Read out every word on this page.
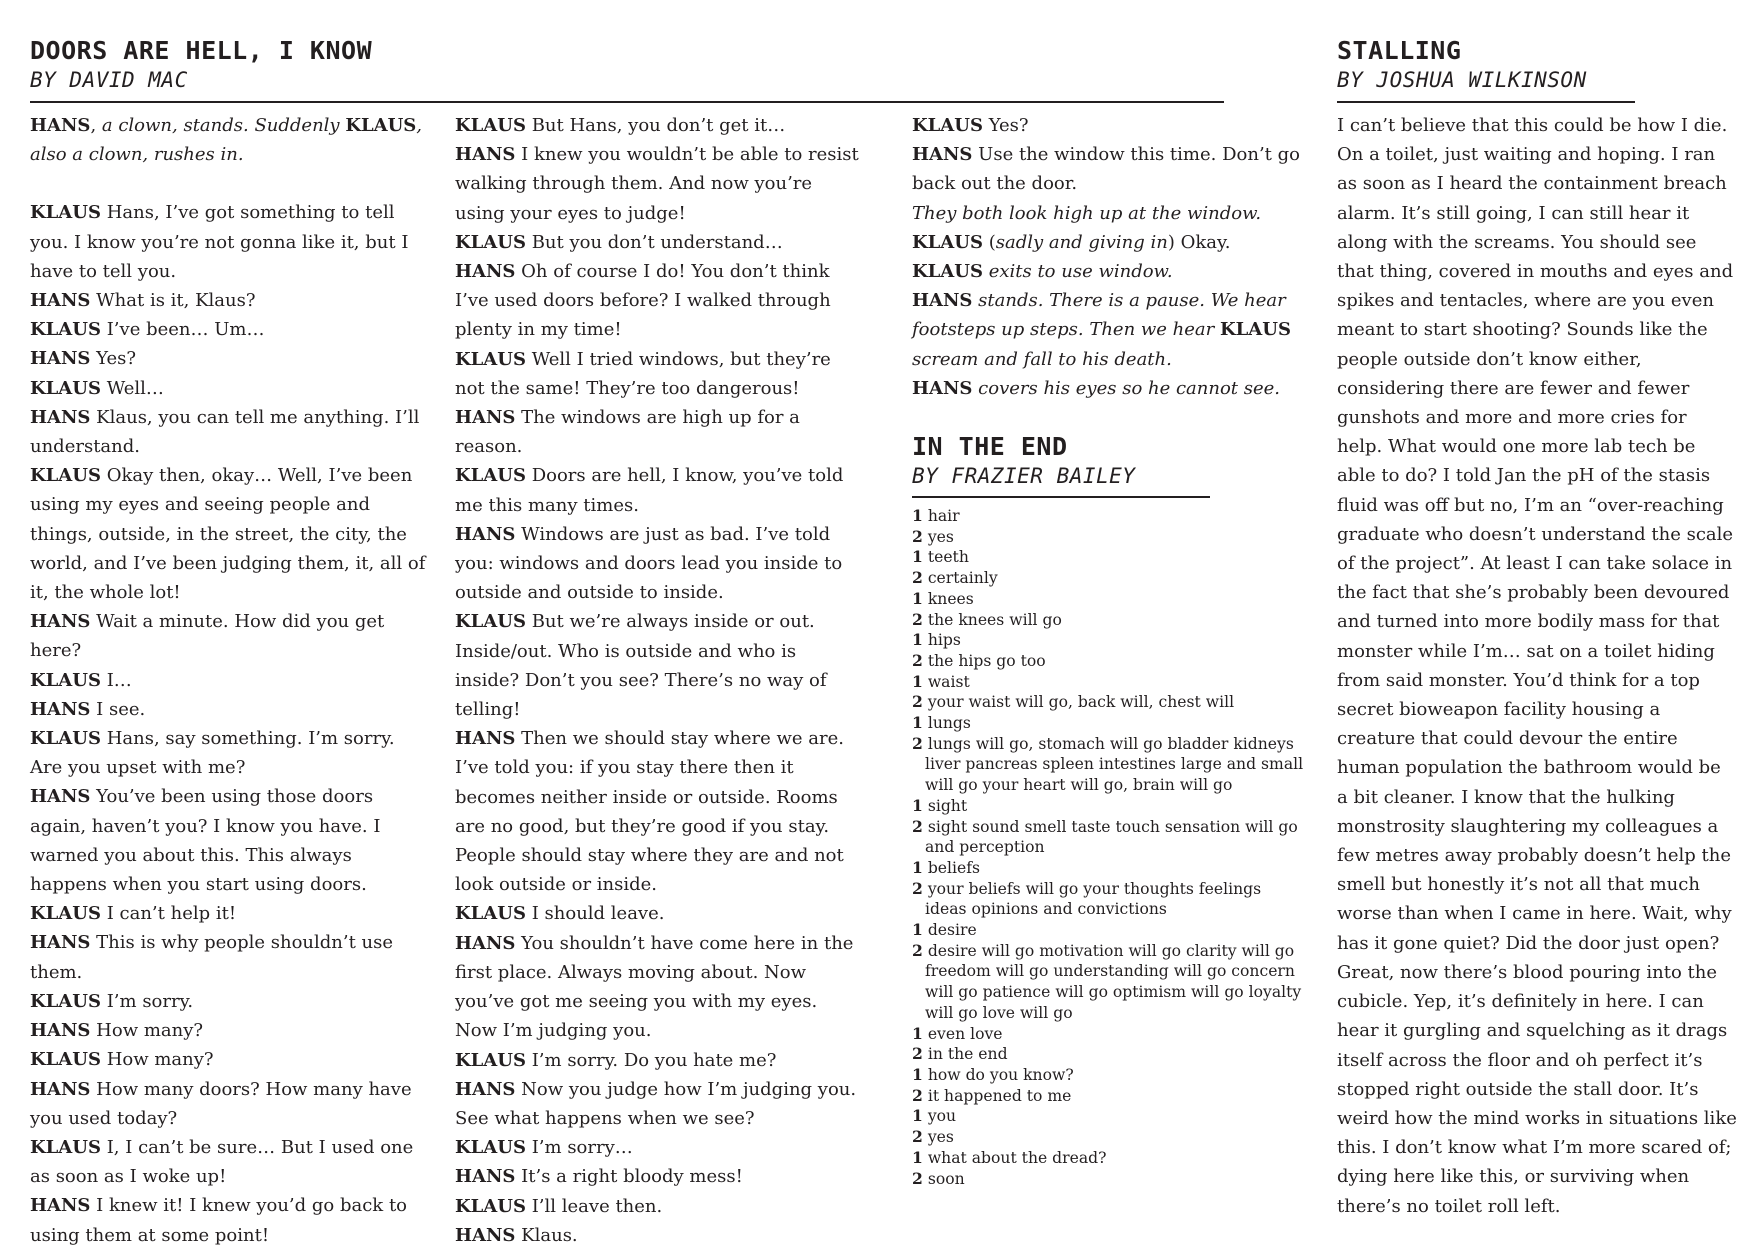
DOORS ARE HELL, I KNOW
BY DAVID MAC

HANS, a clown, stands. Suddenly KLAUS, also a clown, rushes in.

KLAUS Hans, I’ve got something to tell you. I know you’re not gonna like it, but I have to tell you.

HANS What is it, Klaus?

KLAUS I’ve been… Um…

HANS Yes?

KLAUS Well…

HANS Klaus, you can tell me anything. I’ll understand.

KLAUS Okay then, okay… Well, I’ve been using my eyes and seeing people and things, outside, in the street, the city, the world, and I’ve been judging them, it, all of it, the whole lot!

HANS Wait a minute. How did you get here?

KLAUS I…

HANS I see.

KLAUS Hans, say something. I’m sorry. Are you upset with me?

HANS You’ve been using those doors again, haven’t you? I know you have. I warned you about this. This always happens when you start using doors.

KLAUS I can’t help it!

HANS This is why people shouldn’t use them.

KLAUS I’m sorry.

HANS How many?

KLAUS How many?

HANS How many doors? How many have you used today?

KLAUS I, I can’t be sure… But I used one as soon as I woke up!

HANS I knew it! I knew you’d go back to using them at some point!

KLAUS But Hans, you don’t get it…

HANS I knew you wouldn’t be able to resist walking through them. And now you’re using your eyes to judge!

KLAUS But you don’t understand…

HANS Oh of course I do! You don’t think I’ve used doors before? I walked through plenty in my time!

KLAUS Well I tried windows, but they’re not the same! They’re too dangerous!

HANS The windows are high up for a reason.

KLAUS Doors are hell, I know, you’ve told me this many times.

HANS Windows are just as bad. I’ve told you: windows and doors lead you inside to outside and outside to inside.

KLAUS But we’re always inside or out. Inside/out. Who is outside and who is inside? Don’t you see? There’s no way of telling!

HANS Then we should stay where we are. I’ve told you: if you stay there then it becomes neither inside or outside. Rooms are no good, but they’re good if you stay. People should stay where they are and not look outside or inside.

KLAUS I should leave.

HANS You shouldn’t have come here in the first place. Always moving about. Now you’ve got me seeing you with my eyes. Now I’m judging you.

KLAUS I’m sorry. Do you hate me?

HANS Now you judge how I’m judging you. See what happens when we see?

KLAUS I’m sorry…

HANS It’s a right bloody mess!

KLAUS I’ll leave then.

HANS Klaus.

KLAUS Yes?

HANS Use the window this time. Don’t go back out the door.

They both look high up at the window.

KLAUS (sadly and giving in) Okay.

KLAUS exits to use window.

HANS stands. There is a pause. We hear footsteps up steps. Then we hear KLAUS scream and fall to his death.

HANS covers his eyes so he cannot see.

IN THE END
BY FRAZIER BAILEY
1 hair
2 yes
1 teeth
2 certainly
1 knees
2 the knees will go
1 hips
2 the hips go too
1 waist
2 your waist will go, back will, chest will
1 lungs
2 lungs will go, stomach will go bladder kidneys liver pancreas spleen intestines large and small will go your heart will go, brain will go
1 sight
2 sight sound smell taste touch sensation will go and perception
1 beliefs
2 your beliefs will go your thoughts feelings ideas opinions and convictions
1 desire
2 desire will go motivation will go clarity will go freedom will go understanding will go concern will go patience will go optimism will go loyalty will go love will go
1 even love
2 in the end
1 how do you know?
2 it happened to me
1 you
2 yes
1 what about the dread?
2 soon
STALLING
BY JOSHUA WILKINSON
I can’t believe that this could be how I die. On a toilet, just waiting and hoping. I ran as soon as I heard the containment breach alarm. It’s still going, I can still hear it along with the screams. You should see that thing, covered in mouths and eyes and spikes and tentacles, where are you even meant to start shooting? Sounds like the people outside don’t know either, considering there are fewer and fewer gunshots and more and more cries for help. What would one more lab tech be able to do? I told Jan the pH of the stasis fluid was off but no, I’m an “over-reaching graduate who doesn’t understand the scale of the project”. At least I can take solace in the fact that she’s probably been devoured and turned into more bodily mass for that monster while I’m… sat on a toilet hiding from said monster. You’d think for a top secret bioweapon facility housing a creature that could devour the entire human population the bathroom would be a bit cleaner. I know that the hulking monstrosity slaughtering my colleagues a few metres away probably doesn’t help the smell but honestly it’s not all that much worse than when I came in here. Wait, why has it gone quiet? Did the door just open? Great, now there’s blood pouring into the cubicle. Yep, it’s definitely in here. I can hear it gurgling and squelching as it drags itself across the floor and oh perfect it’s stopped right outside the stall door. It’s weird how the mind works in situations like this. I don’t know what I’m more scared of; dying here like this, or surviving when there’s no toilet roll left.
